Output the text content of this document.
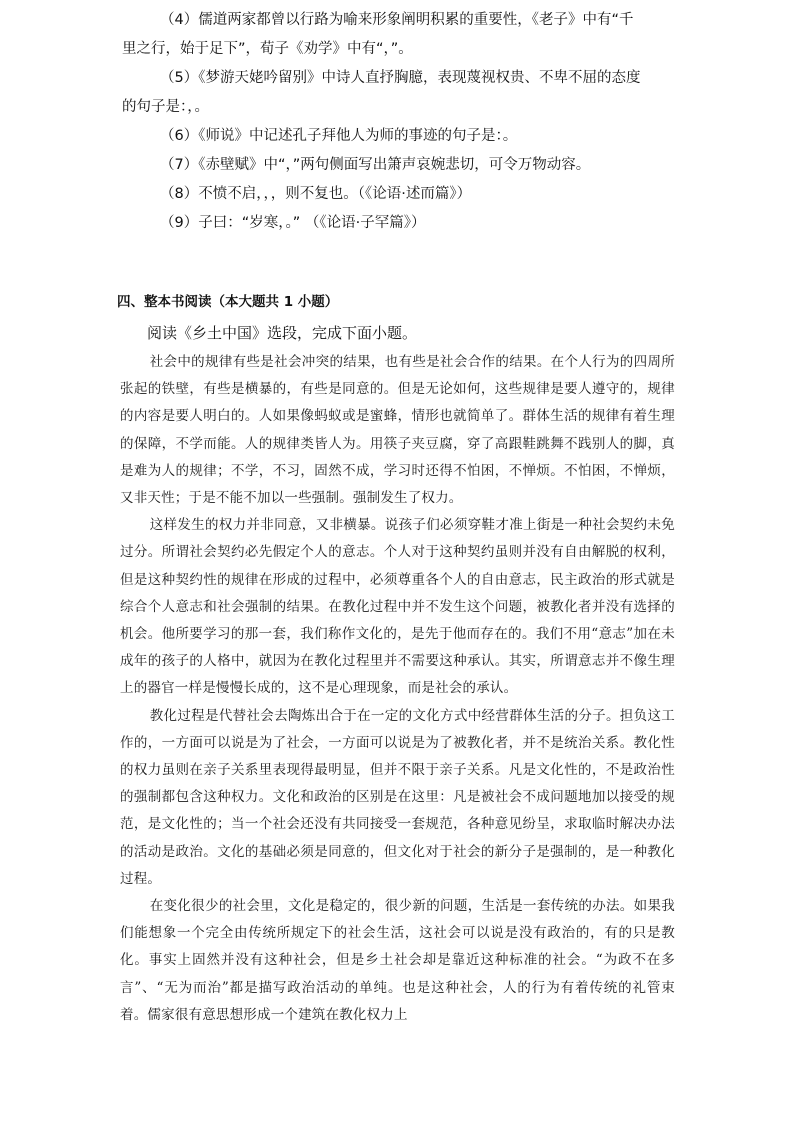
（4）儒道两家都曾以行路为喻来形象阐明积累的重要性，《老子》中有“千
里之行，始于足下”，荀子《劝学》中有“，”。
（5）《梦游天姥吟留别》中诗人直抒胸臆，表现蔑视权贵、不卑不屈的态度
的句子是：，。
（6）《师说》中记述孔子拜他人为师的事迹的句子是：。
（7）《赤壁赋》中“，”两句侧面写出箫声哀婉悲切，可令万物动容。
（8）不愤不启，，，则不复也。（《论语·述而篇》）
（9）子曰：“岁寒，。” （《论语·子罕篇》）
四、整本书阅读（本大题共 1 小题）
阅读《乡土中国》选段，完成下面小题。

社会中的规律有些是社会冲突的结果，也有些是社会合作的结果。在个人行为的四周所张起的铁壁，有些是横暴的，有些是同意的。但是无论如何，这些规律是要人遵守的，规律的内容是要人明白的。人如果像蚂蚁或是蜜蜂，情形也就简单了。群体生活的规律有着生理的保障，不学而能。人的规律类皆人为。用筷子夹豆腐，穿了高跟鞋跳舞不践别人的脚，真是难为人的规律；不学，不习，固然不成，学习时还得不怕困，不惮烦。不怕困，不惮烦，又非天性；于是不能不加以一些强制。强制发生了权力。

这样发生的权力并非同意，又非横暴。说孩子们必须穿鞋才准上街是一种社会契约未免过分。所谓社会契约必先假定个人的意志。个人对于这种契约虽则并没有自由解脱的权利，但是这种契约性的规律在形成的过程中，必须尊重各个人的自由意志，民主政治的形式就是综合个人意志和社会强制的结果。在教化过程中并不发生这个问题，被教化者并没有选择的机会。他所要学习的那一套，我们称作文化的，是先于他而存在的。我们不用“意志”加在未成年的孩子的人格中，就因为在教化过程里并不需要这种承认。其实，所谓意志并不像生理上的器官一样是慢慢长成的，这不是心理现象，而是社会的承认。

教化过程是代替社会去陶炼出合于在一定的文化方式中经营群体生活的分子。担负这工作的，一方面可以说是为了社会，一方面可以说是为了被教化者，并不是统治关系。教化性的权力虽则在亲子关系里表现得最明显，但并不限于亲子关系。凡是文化性的，不是政治性的强制都包含这种权力。文化和政治的区别是在这里：凡是被社会不成问题地加以接受的规范，是文化性的；当一个社会还没有共同接受一套规范，各种意见纷呈，求取临时解决办法的活动是政治。文化的基础必须是同意的，但文化对于社会的新分子是强制的，是一种教化过程。

在变化很少的社会里，文化是稳定的，很少新的问题，生活是一套传统的办法。如果我们能想象一个完全由传统所规定下的社会生活，这社会可以说是没有政治的，有的只是教化。事实上固然并没有这种社会，但是乡土社会却是靠近这种标准的社会。“为政不在多言”、“无为而治”都是描写政治活动的单纯。也是这种社会，人的行为有着传统的礼管束着。儒家很有意思想形成一个建筑在教化权力上
